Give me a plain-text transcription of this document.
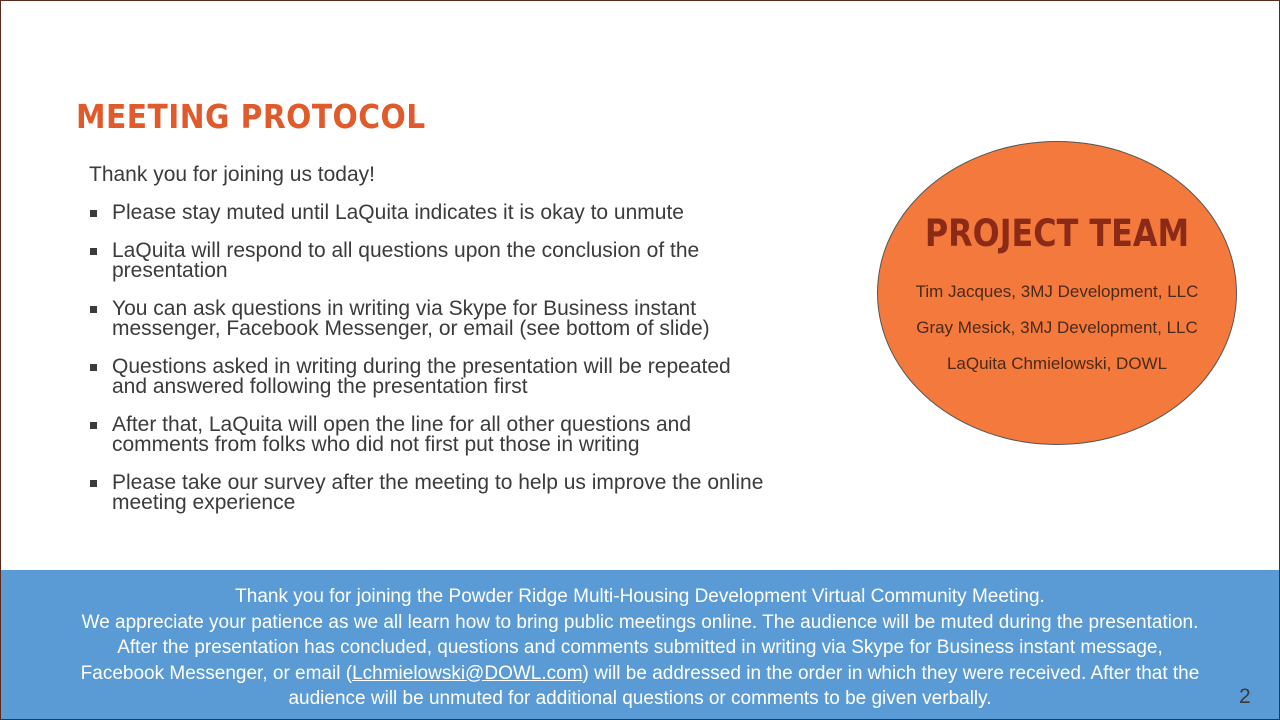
MEETING PROTOCOL
Thank you for joining us today!
Please stay muted until LaQuita indicates it is okay to unmute
LaQuita will respond to all questions upon the conclusion of the presentation
You can ask questions in writing via Skype for Business instant messenger, Facebook Messenger, or email (see bottom of slide)
Questions asked in writing during the presentation will be repeated and answered following the presentation first
After that, LaQuita will open the line for all other questions and comments from folks who did not first put those in writing
Please take our survey after the meeting to help us improve the online meeting experience
PROJECT TEAM
Tim Jacques, 3MJ Development, LLC
Gray Mesick, 3MJ Development, LLC
LaQuita Chmielowski, DOWL
Thank you for joining the Powder Ridge Multi-Housing Development Virtual Community Meeting.
We appreciate your patience as we all learn how to bring public meetings online. The audience will be muted during the presentation.
After the presentation has concluded, questions and comments submitted in writing via Skype for Business instant message,
Facebook Messenger, or email (Lchmielowski@DOWL.com) will be addressed in the order in which they were received. After that the
audience will be unmuted for additional questions or comments to be given verbally.	2
